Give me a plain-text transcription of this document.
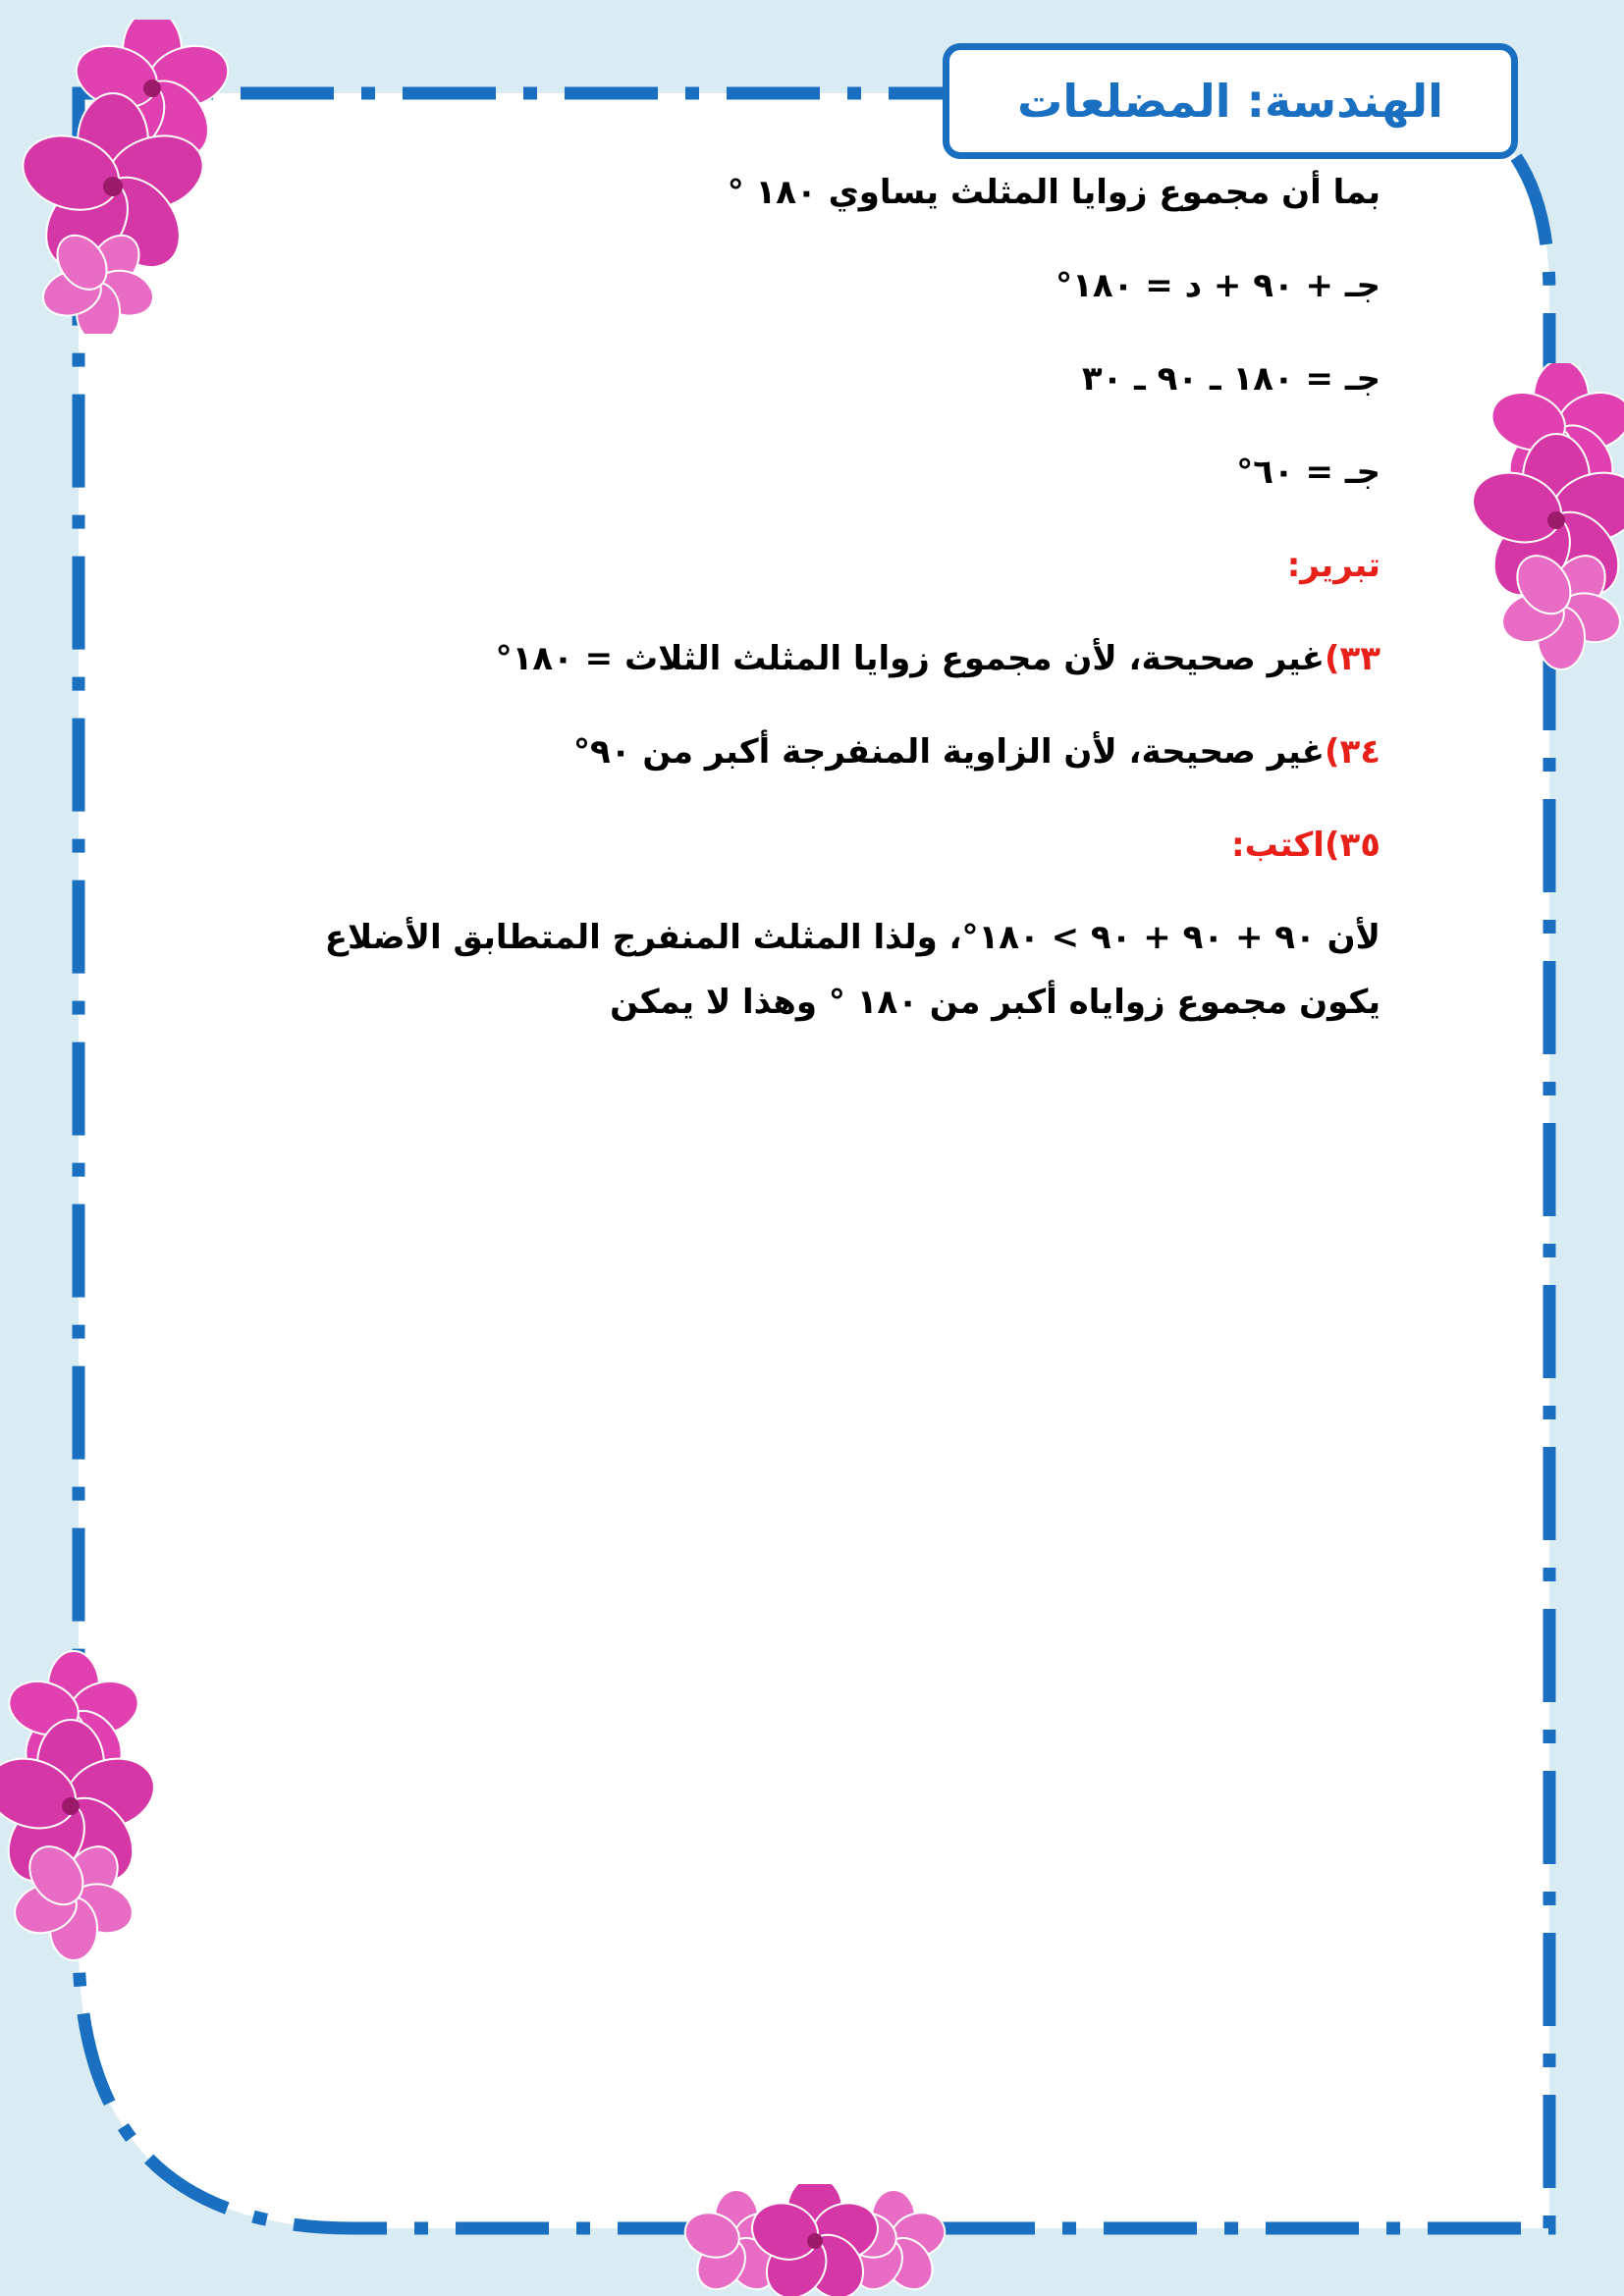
الهندسة: المضلعات
بما أن مجموع زوايا المثلث يساوي ١٨٠ °
جـ + ٩٠ + د = ١٨٠°
جـ = ١٨٠ ـ ٩٠ ـ ٣٠
جـ = ٦٠°
تبرير:
٣٣)غير صحيحة، لأن مجموع زوايا المثلث الثلاث = ١٨٠°
٣٤)غير صحيحة، لأن الزاوية المنفرجة أكبر من ٩٠°
٣٥)اكتب:
لأن ٩٠ + ٩٠ + ٩٠ > ١٨٠°، ولذا المثلث المنفرج المتطابق الأضلاع
يكون مجموع زواياه أكبر من ١٨٠ ° وهذا لا يمكن
